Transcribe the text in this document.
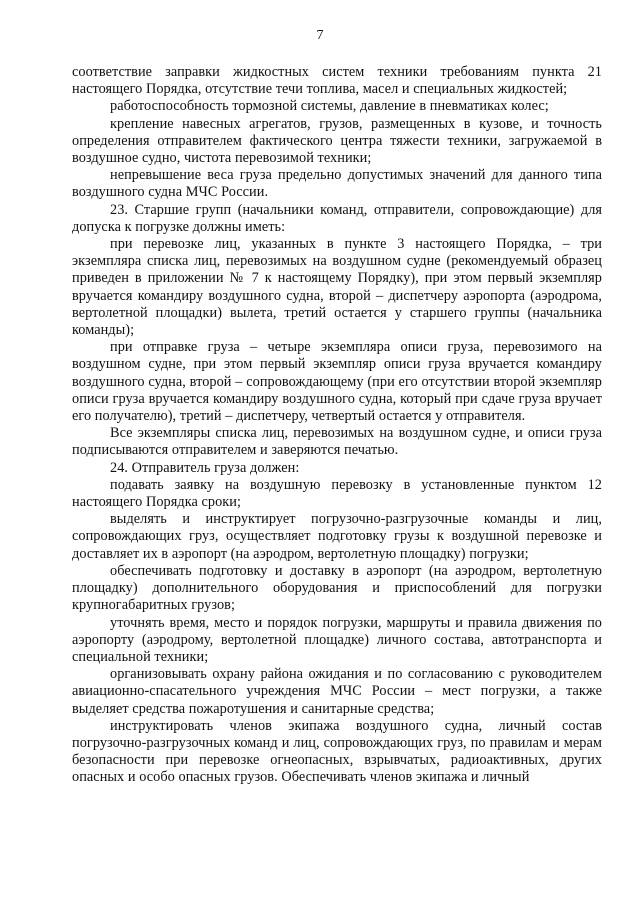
7

соответствие заправки жидкостных систем техники требованиям пункта 21 настоящего Порядка, отсутствие течи топлива, масел и специальных жидкостей;

работоспособность тормозной системы, давление в пневматиках колес;

крепление навесных агрегатов, грузов, размещенных в кузове, и точность определения отправителем фактического центра тяжести техники, загружаемой в воздушное судно, чистота перевозимой техники;

непревышение веса груза предельно допустимых значений для данного типа воздушного судна МЧС России.

23. Старшие групп (начальники команд, отправители, сопровождающие) для допуска к погрузке должны иметь:

при перевозке лиц, указанных в пункте 3 настоящего Порядка, – три экземпляра списка лиц, перевозимых на воздушном судне (рекомендуемый образец приведен в приложении № 7 к настоящему Порядку), при этом первый экземпляр вручается командиру воздушного судна, второй – диспетчеру аэропорта (аэродрома, вертолетной площадки) вылета, третий остается у старшего группы (начальника команды);

при отправке груза – четыре экземпляра описи груза, перевозимого на воздушном судне, при этом первый экземпляр описи груза вручается командиру воздушного судна, второй – сопровождающему (при его отсутствии второй экземпляр описи груза вручается командиру воздушного судна, который при сдаче груза вручает его получателю), третий – диспетчеру, четвертый остается у отправителя.

Все экземпляры списка лиц, перевозимых на воздушном судне, и описи груза подписываются отправителем и заверяются печатью.

24. Отправитель груза должен:

подавать заявку на воздушную перевозку в установленные пунктом 12 настоящего Порядка сроки;

выделять и инструктирует погрузочно-разгрузочные команды и лиц, сопровождающих груз, осуществляет подготовку грузы к воздушной перевозке и доставляет их в аэропорт (на аэродром, вертолетную площадку) погрузки;

обеспечивать подготовку и доставку в аэропорт (на аэродром, вертолетную площадку) дополнительного оборудования и приспособлений для погрузки крупногабаритных грузов;

уточнять время, место и порядок погрузки, маршруты и правила движения по аэропорту (аэродрому, вертолетной площадке) личного состава, автотранспорта и специальной техники;

организовывать охрану района ожидания и по согласованию с руководителем авиационно-спасательного учреждения МЧС России – мест погрузки, а также выделяет средства пожаротушения и санитарные средства;

инструктировать членов экипажа воздушного судна, личный состав погрузочно-разгрузочных команд и лиц, сопровождающих груз, по правилам и мерам безопасности при перевозке огнеопасных, взрывчатых, радиоактивных, других опасных и особо опасных грузов. Обеспечивать членов экипажа и личный
